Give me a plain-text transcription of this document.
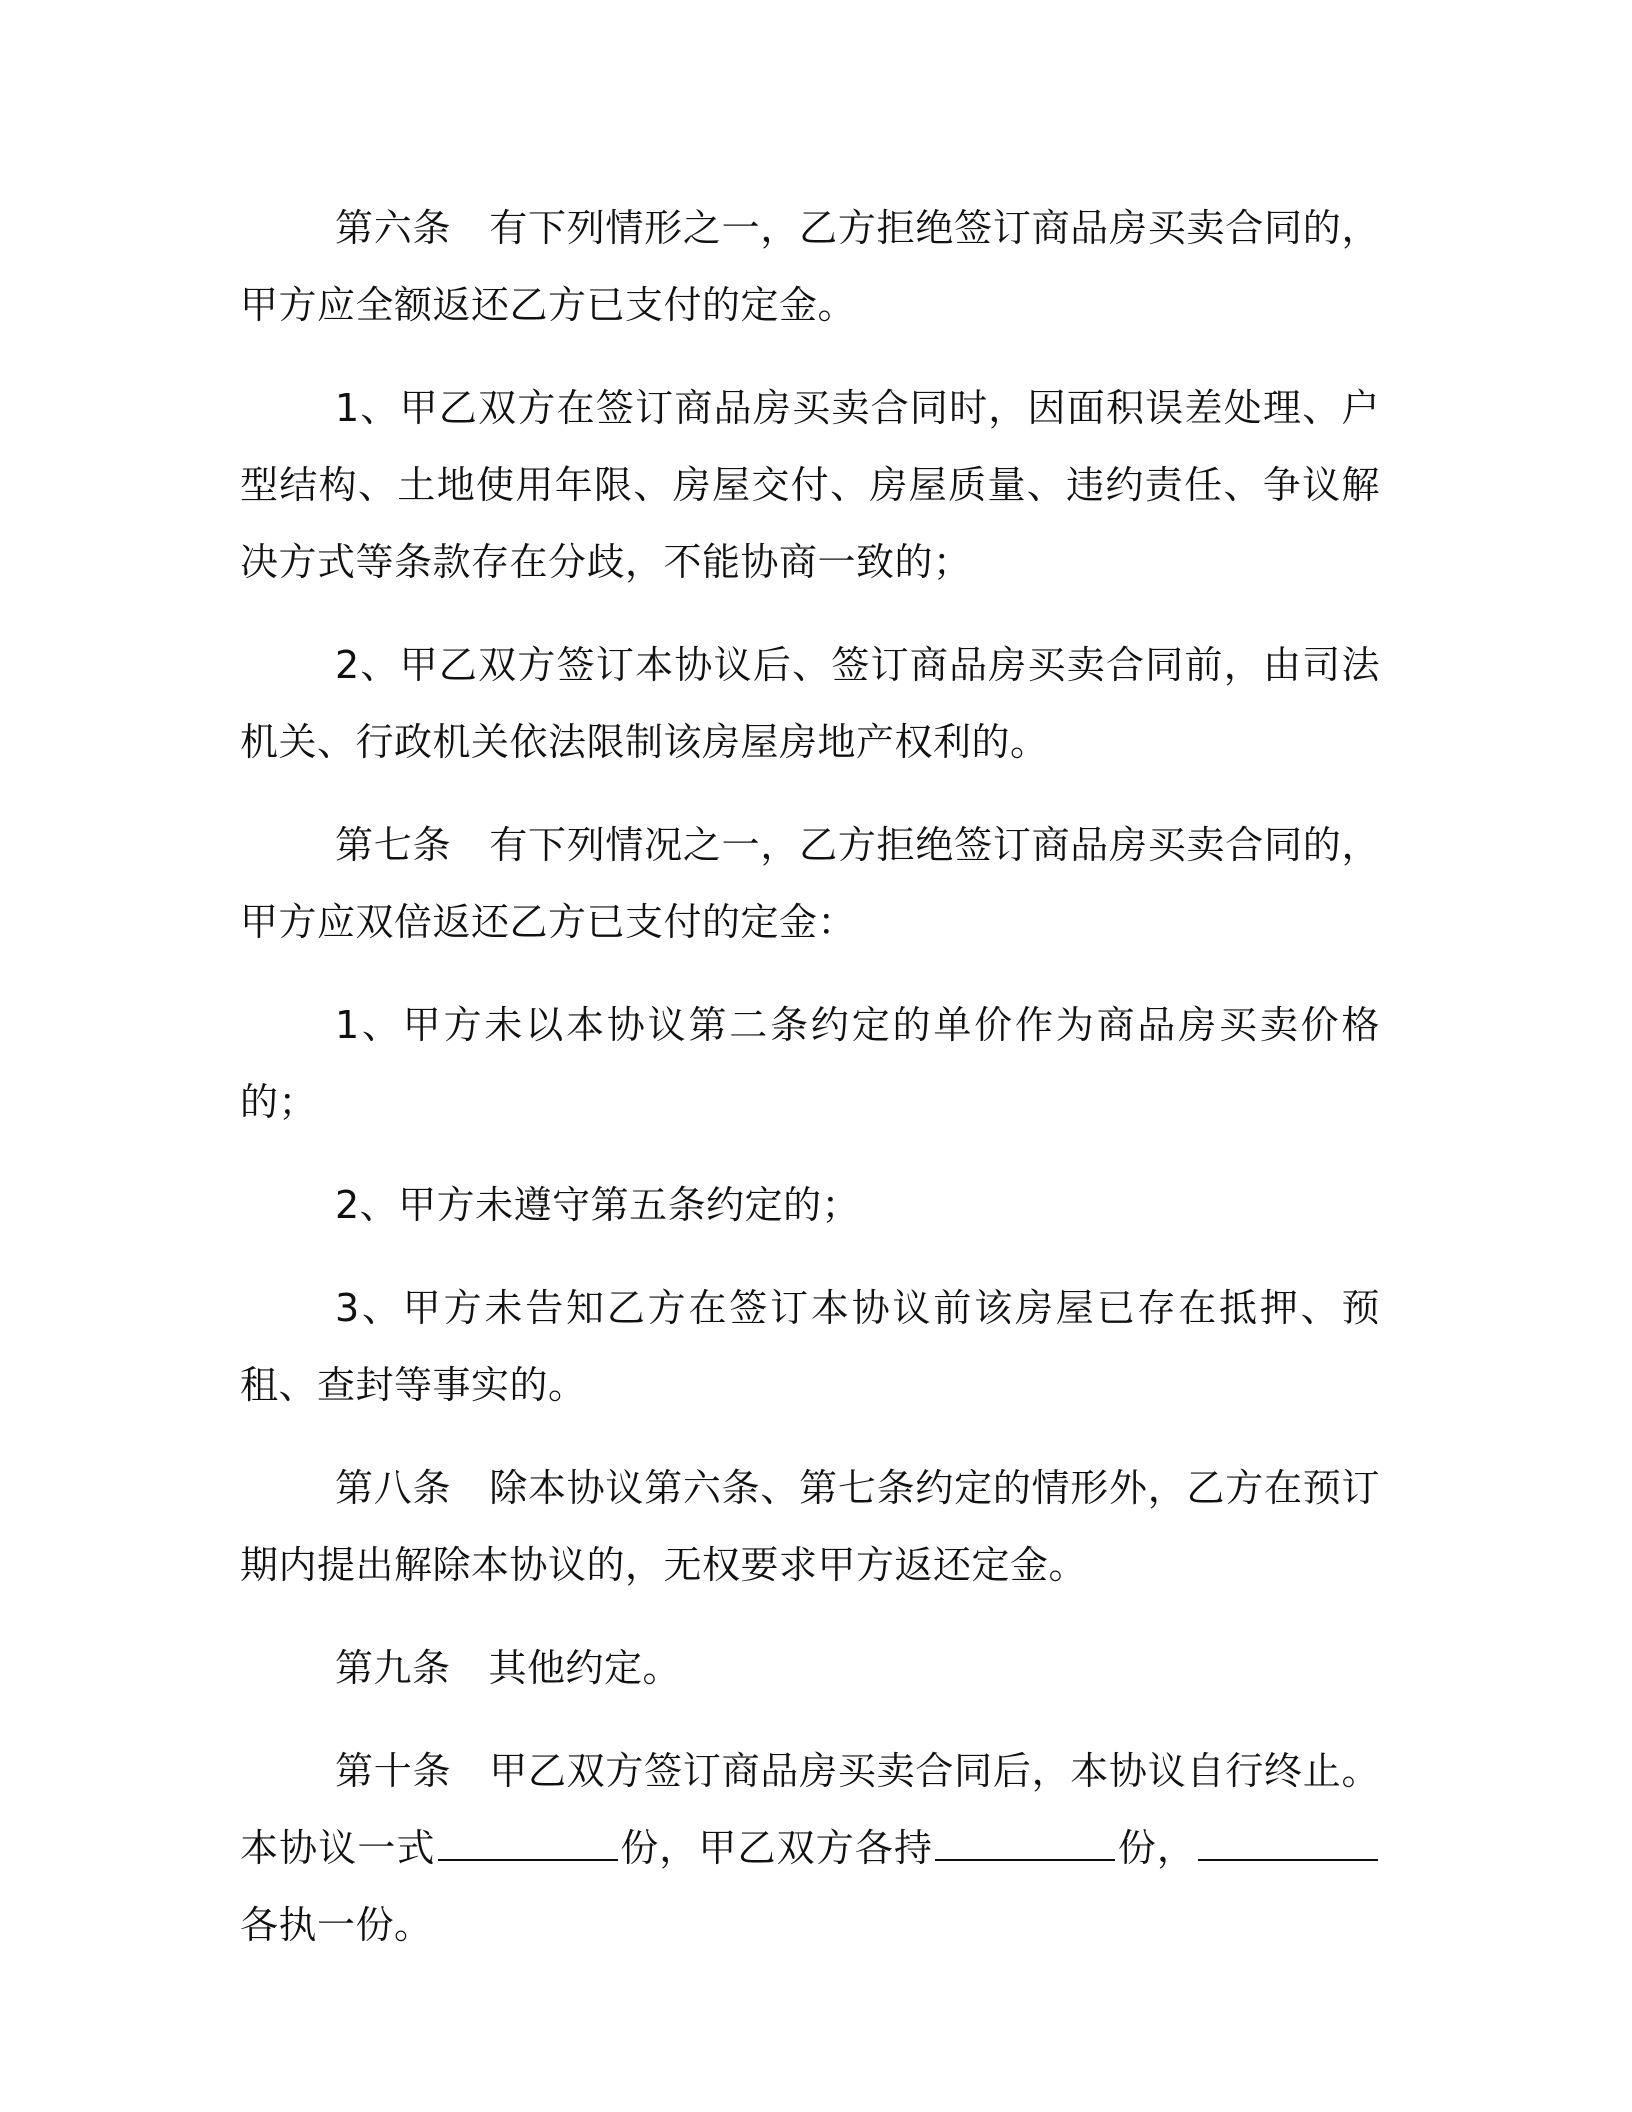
第六条 有下列情形之一，乙方拒绝签订商品房买卖合同的，甲方应全额返还乙方已支付的定金。

1、甲乙双方在签订商品房买卖合同时，因面积误差处理、户型结构、土地使用年限、房屋交付、房屋质量、违约责任、争议解决方式等条款存在分歧，不能协商一致的；

2、甲乙双方签订本协议后、签订商品房买卖合同前，由司法机关、行政机关依法限制该房屋房地产权利的。

第七条 有下列情况之一，乙方拒绝签订商品房买卖合同的，甲方应双倍返还乙方已支付的定金：

1、甲方未以本协议第二条约定的单价作为商品房买卖价格的；

2、甲方未遵守第五条约定的；

3、甲方未告知乙方在签订本协议前该房屋已存在抵押、预租、查封等事实的。

第八条 除本协议第六条、第七条约定的情形外，乙方在预订期内提出解除本协议的，无权要求甲方返还定金。

第九条 其他约定。

第十条 甲乙双方签订商品房买卖合同后，本协议自行终止。本协议一式	份，甲乙双方各持	份，各执一份。
